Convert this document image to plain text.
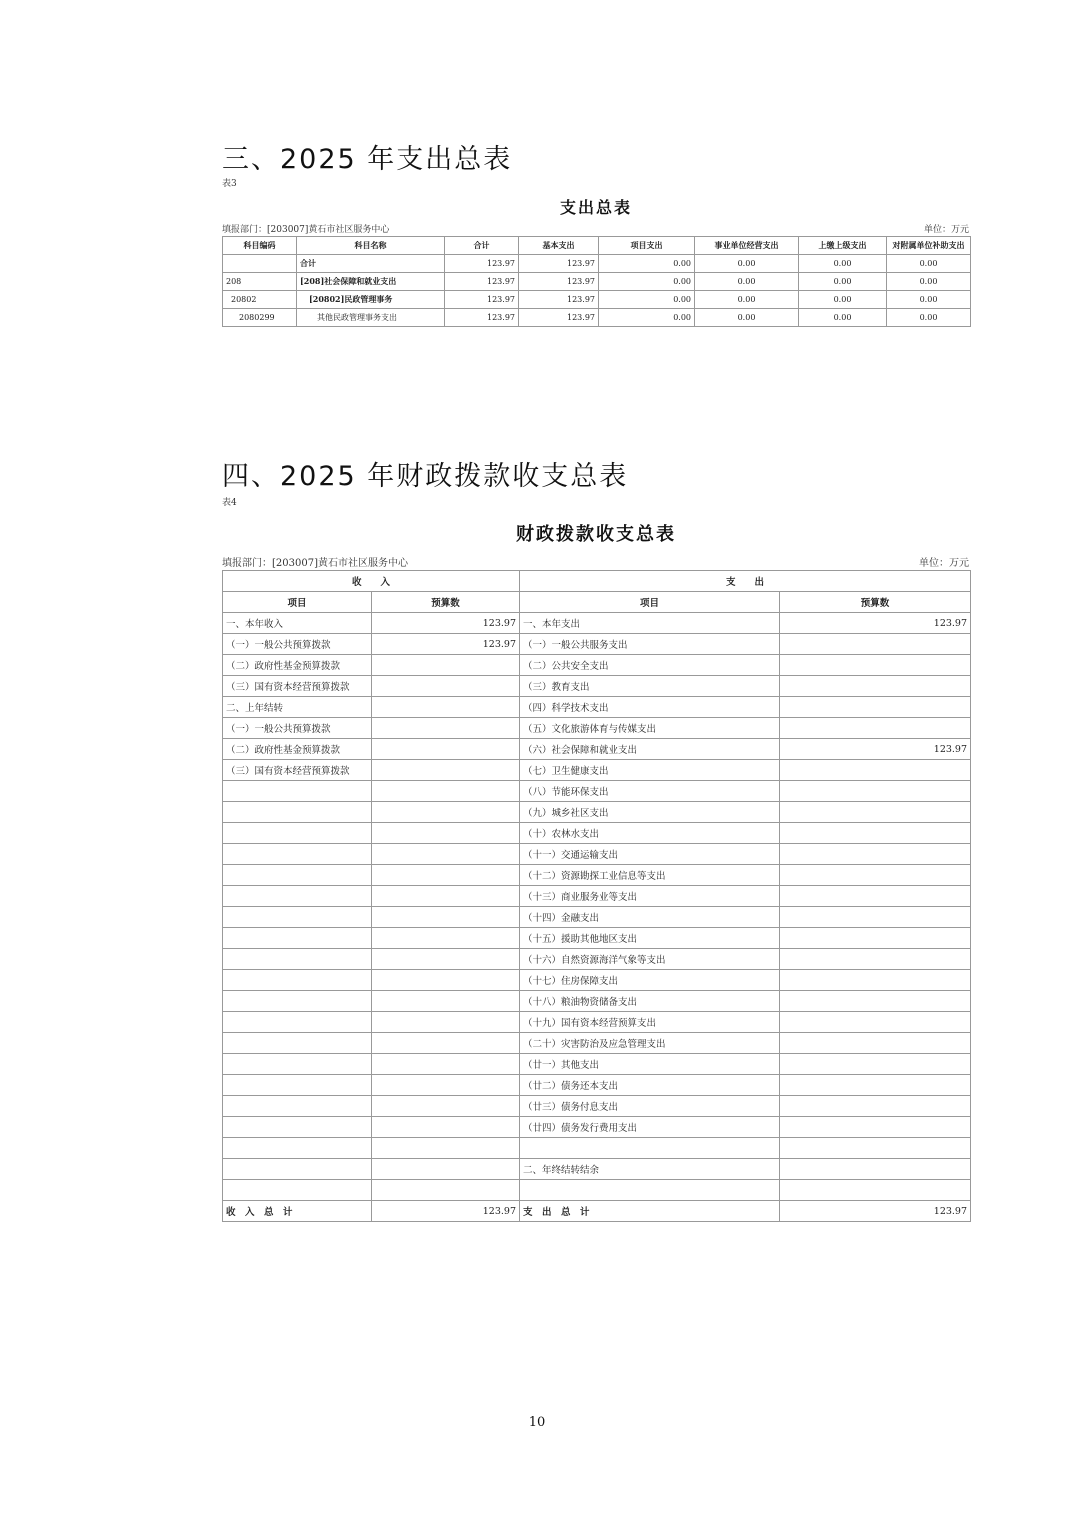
三、2025 年支出总表
表3
支出总表
填报部门：[203007]黄石市社区服务中心	单位：万元
科目编码	科目名称	合计	基本支出	项目支出	事业单位经营支出	上缴上级支出	对附属单位补助支出
	合计	123.97	123.97	0.00	0.00	0.00	0.00
208	[208]社会保障和就业支出	123.97	123.97	0.00	0.00	0.00	0.00
20802	[20802]民政管理事务	123.97	123.97	0.00	0.00	0.00	0.00
2080299	其他民政管理事务支出	123.97	123.97	0.00	0.00	0.00	0.00
四、2025 年财政拨款收支总表
表4
财政拨款收支总表
填报部门：[203007]黄石市社区服务中心	单位：万元
收　　入		支　　出	
项目	预算数	项目	预算数
一、本年收入	123.97	一、本年支出	123.97
（一）一般公共预算拨款	123.97	（一）一般公共服务支出	
（二）政府性基金预算拨款		（二）公共安全支出	
（三）国有资本经营预算拨款		（三）教育支出	
二、上年结转		（四）科学技术支出	
（一）一般公共预算拨款		（五）文化旅游体育与传媒支出	
（二）政府性基金预算拨款		（六）社会保障和就业支出	123.97
（三）国有资本经营预算拨款		（七）卫生健康支出	
		（八）节能环保支出	
		（九）城乡社区支出	
		（十）农林水支出	
		（十一）交通运输支出	
		（十二）资源勘探工业信息等支出	
		（十三）商业服务业等支出	
		（十四）金融支出	
		（十五）援助其他地区支出	
		（十六）自然资源海洋气象等支出	
		（十七）住房保障支出	
		（十八）粮油物资储备支出	
		（十九）国有资本经营预算支出	
		（二十）灾害防治及应急管理支出	
		（廿一）其他支出	
		（廿二）债务还本支出	
		（廿三）债务付息支出	
		（廿四）债务发行费用支出	

		二、年终结转结余	

收　入　总　计	123.97	支　出　总　计	123.97
10
